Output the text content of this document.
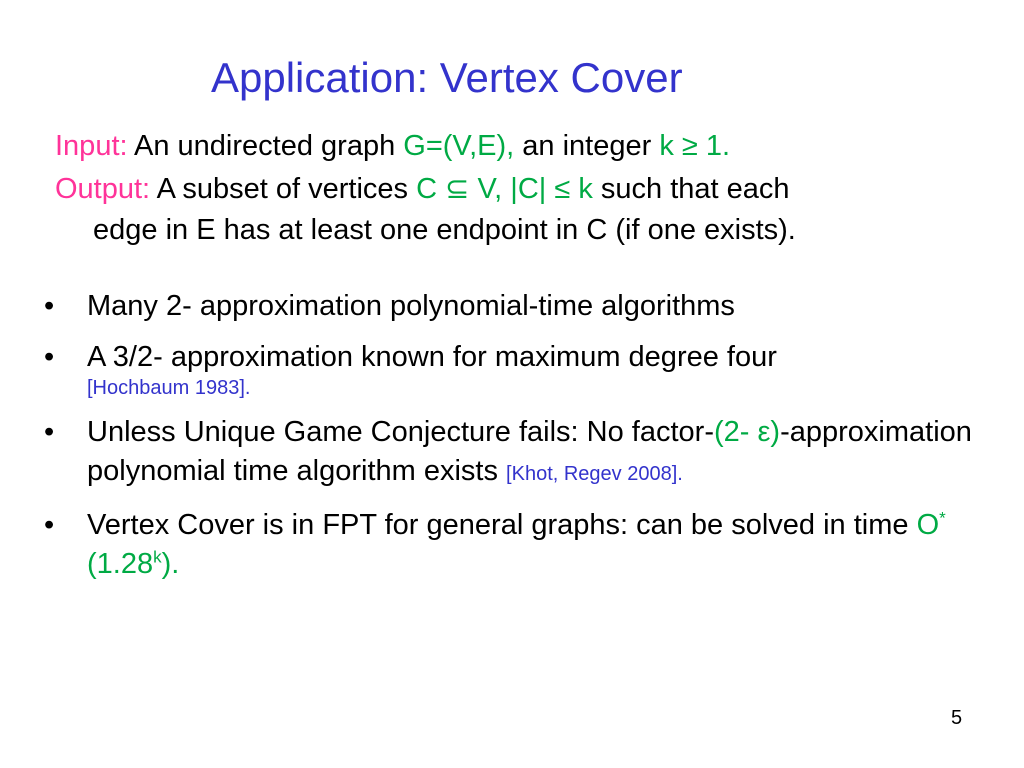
Application: Vertex Cover

Input: An undirected graph G=(V,E), an integer k ≥ 1.

Output: A subset of vertices C ⊆ V, |C| ≤ k such that each

edge in E has at least one endpoint in C (if one exists).

•	Many 2- approximation polynomial-time algorithms
•	A 3/2- approximation known for maximum degree four
[Hochbaum 1983].
•	Unless Unique Game Conjecture fails: No factor-(2- ε)-approximation polynomial time algorithm exists [Khot, Regev 2008].
•	Vertex Cover is in FPT for general graphs: can be solved in time O*(1.28$^k$).
5
